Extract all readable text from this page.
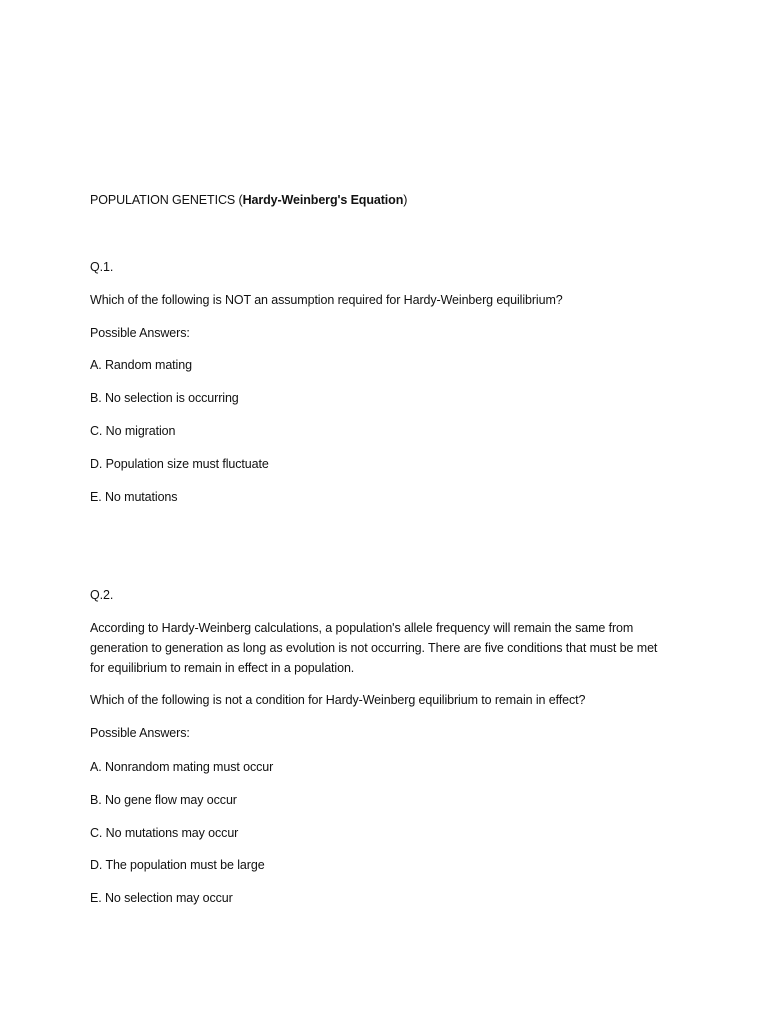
POPULATION GENETICS (Hardy-Weinberg's Equation)
Q.1.
Which of the following is NOT an assumption required for Hardy-Weinberg equilibrium?
Possible Answers:
A. Random mating
B. No selection is occurring
C. No migration
D. Population size must fluctuate
E. No mutations
Q.2.
According to Hardy-Weinberg calculations, a population's allele frequency will remain the same from generation to generation as long as evolution is not occurring. There are five conditions that must be met for equilibrium to remain in effect in a population.
Which of the following is not a condition for Hardy-Weinberg equilibrium to remain in effect?
Possible Answers:
A. Nonrandom mating must occur
B. No gene flow may occur
C. No mutations may occur
D. The population must be large
E. No selection may occur
